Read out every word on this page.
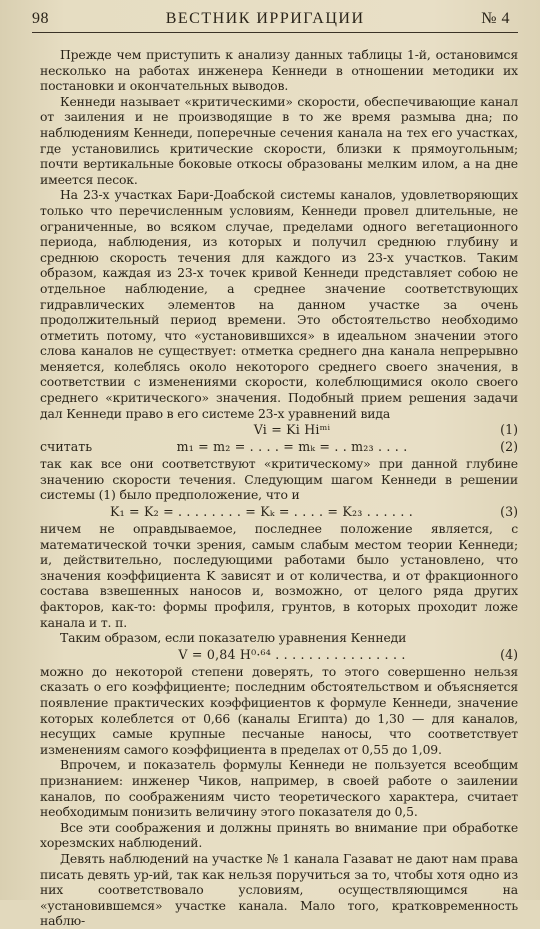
98	ВЕСТНИК ИРРИГАЦИИ	№ 4

Прежде чем приступить к анализу данных таблицы 1-й, остановимся несколько на работах инженера Кеннеди в отношении методики их постановки и окончательных выводов.

Кеннеди называет «критическими» скорости, обеспечивающие канал от заиления и не производящие в то же время размыва дна; по наблюдениям Кеннеди, поперечные сечения канала на тех его участках, где установились критические скорости, близки к прямоугольным; почти вертикальные боковые откосы образованы мелким илом, а на дне имеется песок.

На 23-х участках Бари-Доабской системы каналов, удовлетворяющих только что перечисленным условиям, Кеннеди провел длительные, не ограниченные, во всяком случае, пределами одного вегетационного периода, наблюдения, из которых и получил среднюю глубину и среднюю скорость течения для каждого из 23-х участков. Таким образом, каждая из 23-х точек кривой Кеннеди представляет собою не отдельное наблюдение, а среднее значение соответствующих гидравлических элементов на данном участке за очень продолжительный период времени. Это обстоятельство необходимо отметить потому, что «установившихся» в идеальном значении этого слова каналов не существует: отметка среднего дна канала непрерывно меняется, колеблясь около некоторого среднего своего значения, в соответствии с изменениями скорости, колеблющимися около своего среднего «критического» значения. Подобный прием решения задачи дал Кеннеди право в его системе 23-х уравнений вида

Vi = Ki Hiᵐⁱ	(1)
считать	m₁ = m₂ = . . . . = mₖ = . . m₂₃ . . . .	(2)

так как все они соответствуют «критическому» при данной глубине значению скорости течения. Следующим шагом Кеннеди в решении системы (1) было предположение, что и

K₁ = K₂ = . . . . . . . . = Kₖ = . . . . = K₂₃ . . . . . .	(3)

ничем не оправдываемое, последнее положение является, с математической точки зрения, самым слабым местом теории Кеннеди; и, действительно, последующими работами было установлено, что значения коэффициента K зависят и от количества, и от фракционного состава взвешенных наносов и, возможно, от целого ряда других факторов, как-то: формы профиля, грунтов, в которых проходит ложе канала и т. п.

Таким образом, если показателю уравнения Кеннеди

V = 0,84 H⁰·⁶⁴ . . . . . . . . . . . . . . . .	(4)

можно до некоторой степени доверять, то этого совершенно нельзя сказать о его коэффициенте; последним обстоятельством и объясняется появление практических коэффициентов к формуле Кеннеди, значение которых колеблется от 0,66 (каналы Египта) до 1,30 — для каналов, несущих самые крупные песчаные наносы, что соответствует изменениям самого коэффициента в пределах от 0,55 до 1,09.

Впрочем, и показатель формулы Кеннеди не пользуется всеобщим признанием: инженер Чиков, например, в своей работе о заилении каналов, по соображениям чисто теоретического характера, считает необходимым понизить величину этого показателя до 0,5.

Все эти соображения и должны принять во внимание при обработке хорезмских наблюдений.

Девять наблюдений на участке № 1 канала Газават не дают нам права писать девять ур-ий, так как нельзя поручиться за то, чтобы хотя одно из них соответствовало условиям, осуществляющимся на «установившемся» участке канала. Мало того, кратковременность наблю-
